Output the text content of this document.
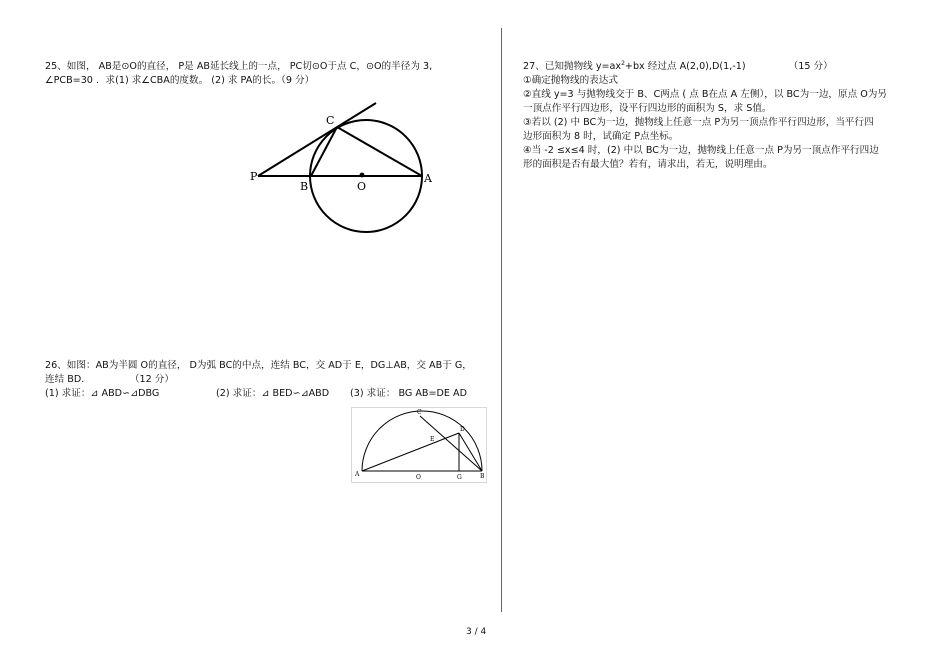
25、如图， AB是⊙O的直径， P是 AB延长线上的一点， PC切⊙O于点 C，⊙O的半径为 3,
∠PCB=30 ．求(1) 求∠CBA的度数。 (2) 求 PA的长。（9 分）
C
P
B	O
A
26、如图：AB为半圆 O的直径， D为弧 BC的中点，连结 BC，交 AD于 E，DG⊥AB，交 AB于 G，
连结 BD．	（12 分）
(1) 求证：⊿ ABD∽⊿DBG	(2) 求证：⊿ BED∽⊿ABD (3) 求证： BG AB=DE AD
C
D
E
A	O	G	B
27、已知抛物线 $y=ax^2+bx$ 经过点 A(2,0),D(1,-1)	（15 分）
①确定抛物线的表达式
②直线 y=3 与抛物线交于 B、C两点 ( 点 B在点 A 左侧），以 BC为一边，原点 O为另
一顶点作平行四边形，设平行四边形的面积为 S，求 S值。
③若以 (2) 中 BC为一边，抛物线上任意一点 P为另一顶点作平行四边形，当平行四
边形面积为 8 时，试确定 P点坐标。
④当 -2 ≤x≤4 时，(2) 中以 BC为一边，抛物线上任意一点 P为另一顶点作平行四边
形的面积是否有最大值？若有，请求出，若无，说明理由。
3 / 4
